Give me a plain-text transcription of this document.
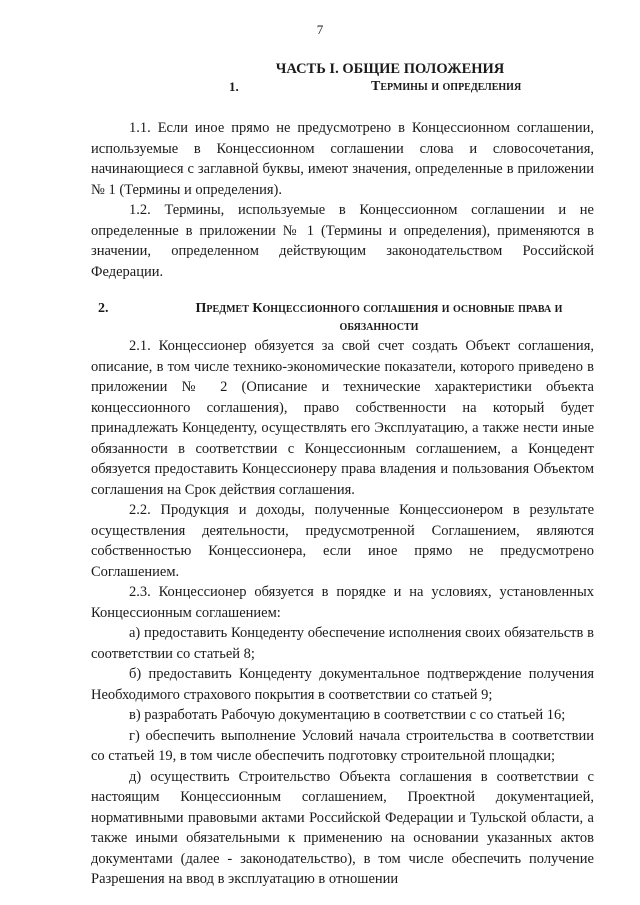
7
ЧАСТЬ I. ОБЩИЕ ПОЛОЖЕНИЯ
1.	Термины и определения

1.1. Если иное прямо не предусмотрено в Концессионном соглашении, используемые в Концессионном соглашении слова и словосочетания, начинающиеся с заглавной буквы, имеют значения, определенные в приложении № 1 (Термины и определения).

1.2. Термины, используемые в Концессионном соглашении и не определенные в приложении № 1 (Термины и определения), применяются в значении, определенном действующим законодательством Российской Федерации.

2.	Предмет Концессионного соглашения и основные права и обязанности

2.1. Концессионер обязуется за свой счет создать Объект соглашения, описание, в том числе технико-экономические показатели, которого приведено в приложении № 2 (Описание и технические характеристики объекта концессионного соглашения), право собственности на который будет принадлежать Концеденту, осуществлять его Эксплуатацию, а также нести иные обязанности в соответствии с Концессионным соглашением, а Концедент обязуется предоставить Концессионеру права владения и пользования Объектом соглашения на Срок действия соглашения.

2.2. Продукция и доходы, полученные Концессионером в результате осуществления деятельности, предусмотренной Соглашением, являются собственностью Концессионера, если иное прямо не предусмотрено Соглашением.

2.3. Концессионер обязуется в порядке и на условиях, установленных Концессионным соглашением:

а) предоставить Концеденту обеспечение исполнения своих обязательств в соответствии со статьей 8;

б) предоставить Концеденту документальное подтверждение получения Необходимого страхового покрытия в соответствии со статьей 9;

в) разработать Рабочую документацию в соответствии с со статьей 16;

г) обеспечить выполнение Условий начала строительства в соответствии со статьей 19, в том числе обеспечить подготовку строительной площадки;

д) осуществить Строительство Объекта соглашения в соответствии с настоящим Концессионным соглашением, Проектной документацией, нормативными правовыми актами Российской Федерации и Тульской области, а также иными обязательными к применению на основании указанных актов документами (далее - законодательство), в том числе обеспечить получение Разрешения на ввод в эксплуатацию в отношении
